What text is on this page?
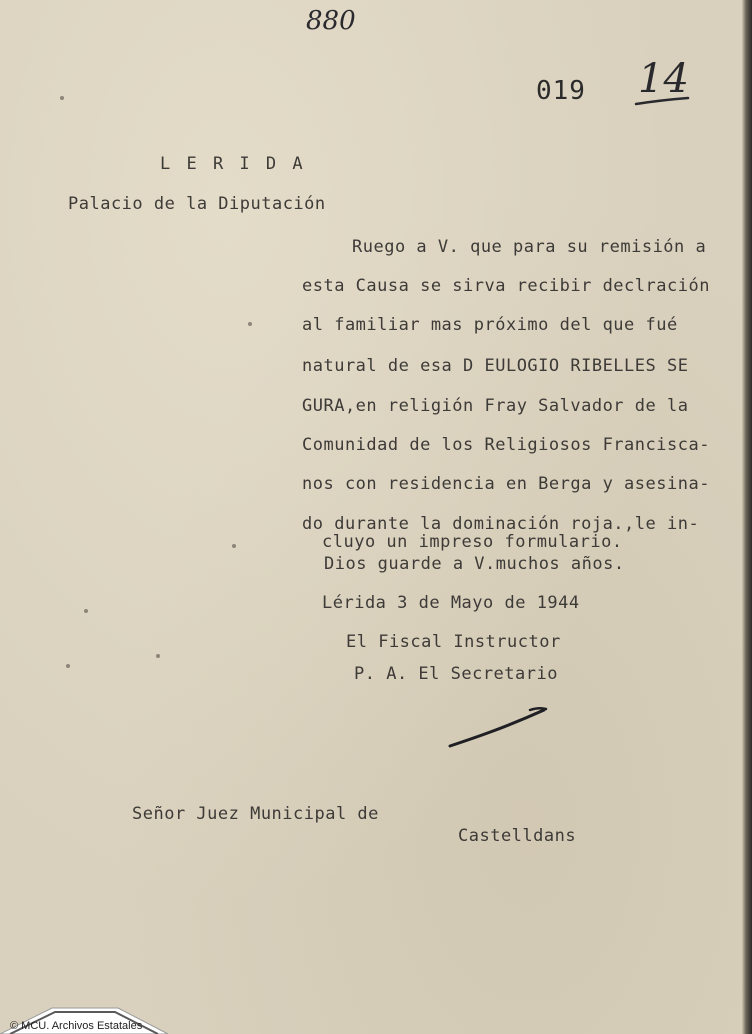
880
019 14
L E R I D A
Palacio de la Diputación
Ruego a V. que para su remisión a
esta Causa se sirva recibir declración
al familiar mas próximo del que fué
natural de esa D EULOGIO RIBELLES SE
GURA,en religión Fray Salvador de la
Comunidad de los Religiosos Francisca-
nos con residencia en Berga y asesina-
do durante la dominación roja.,le in-
cluyo un impreso formulario.
Dios guarde a V.muchos años.
Lérida 3 de Mayo de 1944
El Fiscal Instructor
P. A. El Secretario
Señor Juez Municipal de
Castelldans
© MCU. Archivos Estatales
